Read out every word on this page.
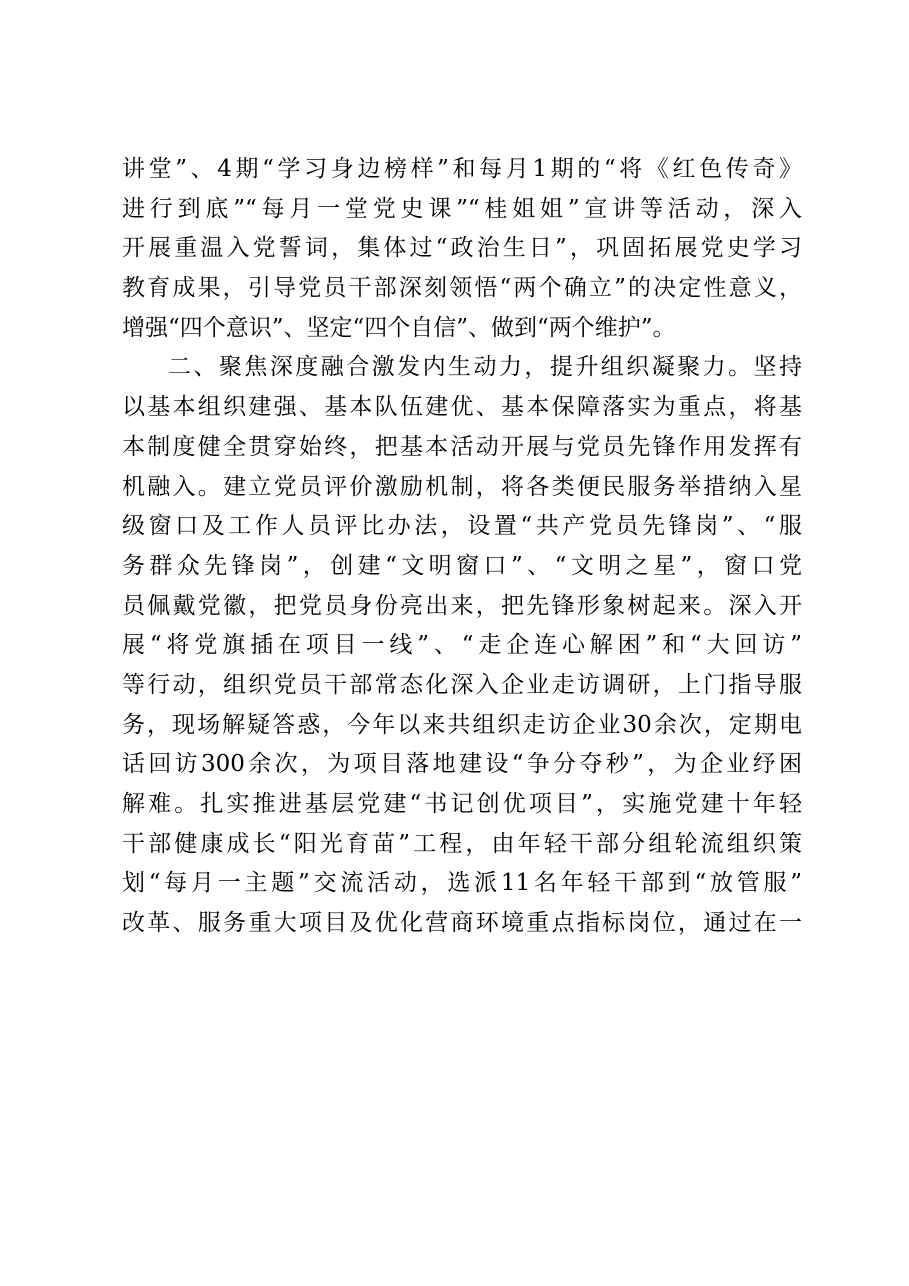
讲堂”、4期“学习身边榜样”和每月1期的“将《红色传奇》
进行到底”“每月一堂党史课”“桂姐姐”宣讲等活动，深入
开展重温入党誓词，集体过“政治生日”，巩固拓展党史学习
教育成果，引导党员干部深刻领悟“两个确立”的决定性意义，
增强“四个意识”、坚定“四个自信”、做到“两个维护”。
二、聚焦深度融合激发内生动力，提升组织凝聚力。坚持
以基本组织建强、基本队伍建优、基本保障落实为重点，将基
本制度健全贯穿始终，把基本活动开展与党员先锋作用发挥有
机融入。建立党员评价激励机制，将各类便民服务举措纳入星
级窗口及工作人员评比办法，设置“共产党员先锋岗”、“服
务群众先锋岗”，创建“文明窗口”、“文明之星”，窗口党
员佩戴党徽，把党员身份亮出来，把先锋形象树起来。深入开
展“将党旗插在项目一线”、“走企连心解困”和“大回访”
等行动，组织党员干部常态化深入企业走访调研，上门指导服
务，现场解疑答惑，今年以来共组织走访企业30余次，定期电
话回访300余次，为项目落地建设“争分夺秒”，为企业纾困
解难。扎实推进基层党建“书记创优项目”，实施党建十年轻
干部健康成长“阳光育苗”工程，由年轻干部分组轮流组织策
划“每月一主题”交流活动，选派11名年轻干部到“放管服”
改革、服务重大项目及优化营商环境重点指标岗位，通过在一
